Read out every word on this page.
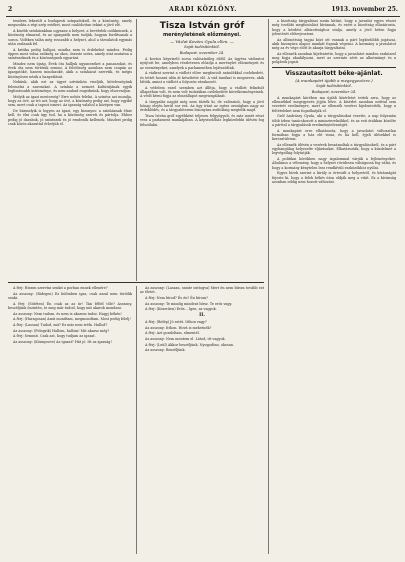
2	ARADI KÖZLÖNY.	1913. november 25.

tendern lekerült a budapesti színpadokról, és a közönség, amely megszokta a régi szép estéket, most csalódottan tekint a jövő elé.

A kisebb színházakban ugyanez a helyzet, a bevételek csökkennek, a közönség elmarad, és az igazgatók nem tudják, hogyan fordítsanak a soron. Vidéken talán még rosszabb a helyzet, ahol a társulatok egymás után oszlanak fel.

A kritika pedig hallgat, mintha nem is érdekelné mindez. Pedig éppen most volna szükség az okos, őszinte szóra, amely utat mutatna a színészeknek és a közönségnek egyaránt.

Mindez nem újság. Évek óta halljuk ugyanezeket a panaszokat, és évek óta nem történik semmi. A felelősség azonban nem csupán az igazgatóké, hanem mindazoké, akik a színházat szeretik, és mégis közönyösen nézik a hanyatlását.

Nekünk, akik ezt az ügyet szívünkön viseljük, kötelességünk felemelni a szavunkat. A színház a nemzet kultúrájának egyik legfontosabb intézménye, és nem szabad engednünk, hogy elsorvadjon.

Melyik az igazi mesterség? Erre nehéz felelni. A színész azt mondja, hogy az övé, az író azt, hogy az övé, a közönség pedig azt, hogy egyiké sem, mert csak a tapsot ismeri. Az igazság valahol a középen van.

De bármelyik is legyen az igazi, egy bizonyos: a színháznak élnie kell, és élni csak úgy tud, ha a közönség szereti és pártolja. Ehhez pedig jó darabok, jó színészek és jó rendezők kellenek. Mindezt pedig csak közös akarattal érhetjük el.

Tisza István gróf
merényletének előzményei.
— Vázlat Kovács Gyula ellen. —
Saját tudósítónktól.
Budapest, november 24.

A kovács képviselő sorsa valószínűleg eldől. Az ügyész vádiratot nyújtott be, amelyben részletesen előadja a merénylet előzményeit és az eseményeket, amelyek a parlamentben lejátszódtak.

A vádirat szerint a vádlott előre megfontolt szándékkal cselekedett, és tettét hosszú időn át készítette elő. A vád tanúkat is megnevez, akik látták, amint a vádlott a folyosón várakozott.

A védelem ezzel szemben azt állítja, hogy a vádlott felindult állapotban volt, és nem volt tudatában cselekedete következményeinek. A védő kérni fogja az elmeállapot megvizsgálását.

A tárgyalás napját még nem tűzték ki, de valószínű, hogy a jövő hónap elején kerül sor reá. Az ügy iránt az egész országban nagy az érdeklődés, és a tárgyalóterem bizonyára zsúfolásig megtelik majd.

Tisza István gróf egyébként teljesen felgyógyult, és már ismét részt vesz a parlament munkájában. A képviselőház legközelebbi ülésén fog felszólalni.

a bizottság tárgyalásai során kitűnt, hogy a javaslat egyes részei még további megfontolást kívánnak, és ezért a bizottság elhatározta, hogy a kérdést albizottsághoz utalja, amely a jövő héten fogja jelentését előterjeszteni.

Az albizottság tagjai közt ott vannak a párt legkiválóbb jogászai, akik bizonyára alapos munkát fognak végezni. A kormány a javaslatot még az év vége előtt le akarja tárgyaltatni.

Az ellenzék azonban kijelentette, hogy a javaslatot minden eszközzel meg fogja akadályozni, mert az szerinte sérti az alkotmányt és a polgárok jogait.

Visszautasított béke-ajánlat.
(A munkapárt újabb a megegyezésre.)
Saját tudósítónktól.
Budapest, november 24.

A munkapárt körében ma újabb kísérletet tettek arra, hogy az ellenzékkel megegyezés jöjjön létre. A kísérlet azonban ezúttal sem vezetett eredményre, mert az ellenzék vezérei kijelentették, hogy a feltételeket nem fogadhatják el.

Gróf Andrássy Gyula, aki a tárgyalásokat vezette, a nap folyamán több ízben tanácskozott a miniszterelnökkel, és az esti órákban közölte a párttal a tárgyalások eredménytelenségét.

A munkapárt erre elhatározta, hogy a javaslatot változatlan formában fogja a ház elé vinni, és ha kell, éjjeli ülésekkel is keresztülviszi.

Az ellenzék ülésén a vezérek beszámoltak a tárgyalásokról, és a párt egyhangúlag helyeselte eljárásukat. Elhatározták, hogy a küzdelmet a legvégsőkig folytatják.

A politikai körökben nagy izgalommal várják a fejleményeket. Általános a vélemény, hogy a helyzet rövidesen válságossá fog válni, és hogy a kormány kénytelen lesz rendkívüli eszközökhöz nyúlni.

Egyes hírek szerint a király is értesült a helyzetről, és kívánságát fejezte ki, hogy a felek békés úton oldják meg a vitát. Ez a kívánság azonban eddig nem hozott változást.

A férj: Hiszen szeretni senkit a porban ennek ellenére?

Az asszony: (Ridegen) Ez különben igaz, csak azzal nem törődik senki.

A férj: (Sötéten) Én csak az az úr! Tán féltél tőle? Asszony, beszéljünk őszintén, te meg már tudod, hogy mit akarok mondani.

Az asszony: Nem tudom, és nem is akarom tudni. Hagyj békén!

A férj: (Haragosan) Amit mondtam, megmondtam. Most pedig felelj!

A férj: (Lassan) Tudod, mit? Ez már nem tréfa. Hallod?

Az asszony: (Felugrik) Hallom, hallom! Mit akarsz még?

A férj: Semmit. Csak azt, hogy tudjam az igazat.

Az asszony: (Könnyezve) Az igazat? Hát jó. Itt az igazság!

Az asszony: (Lassan, szinte suttogva) Mert én nem bírom tovább ezt az életet.

A férj: Nem bírod? És én? Én bírom?

Az asszony: Te mindig mindent bírsz. Te erős vagy.

A férj: (Keserűen) Erős... Igen, az vagyok.

II.

A férj: (Belép) Jó estét. Itthon vagy?

Az asszony: Itthon. Hová is mehetnék?

A férj: Azt gondoltam, elmentél.

Az asszony: Nem mentem el. Látod, itt vagyok.

A férj: (Leül) Akkor beszéljünk. Nyugodtan, okosan.

Az asszony: Beszéljünk.
